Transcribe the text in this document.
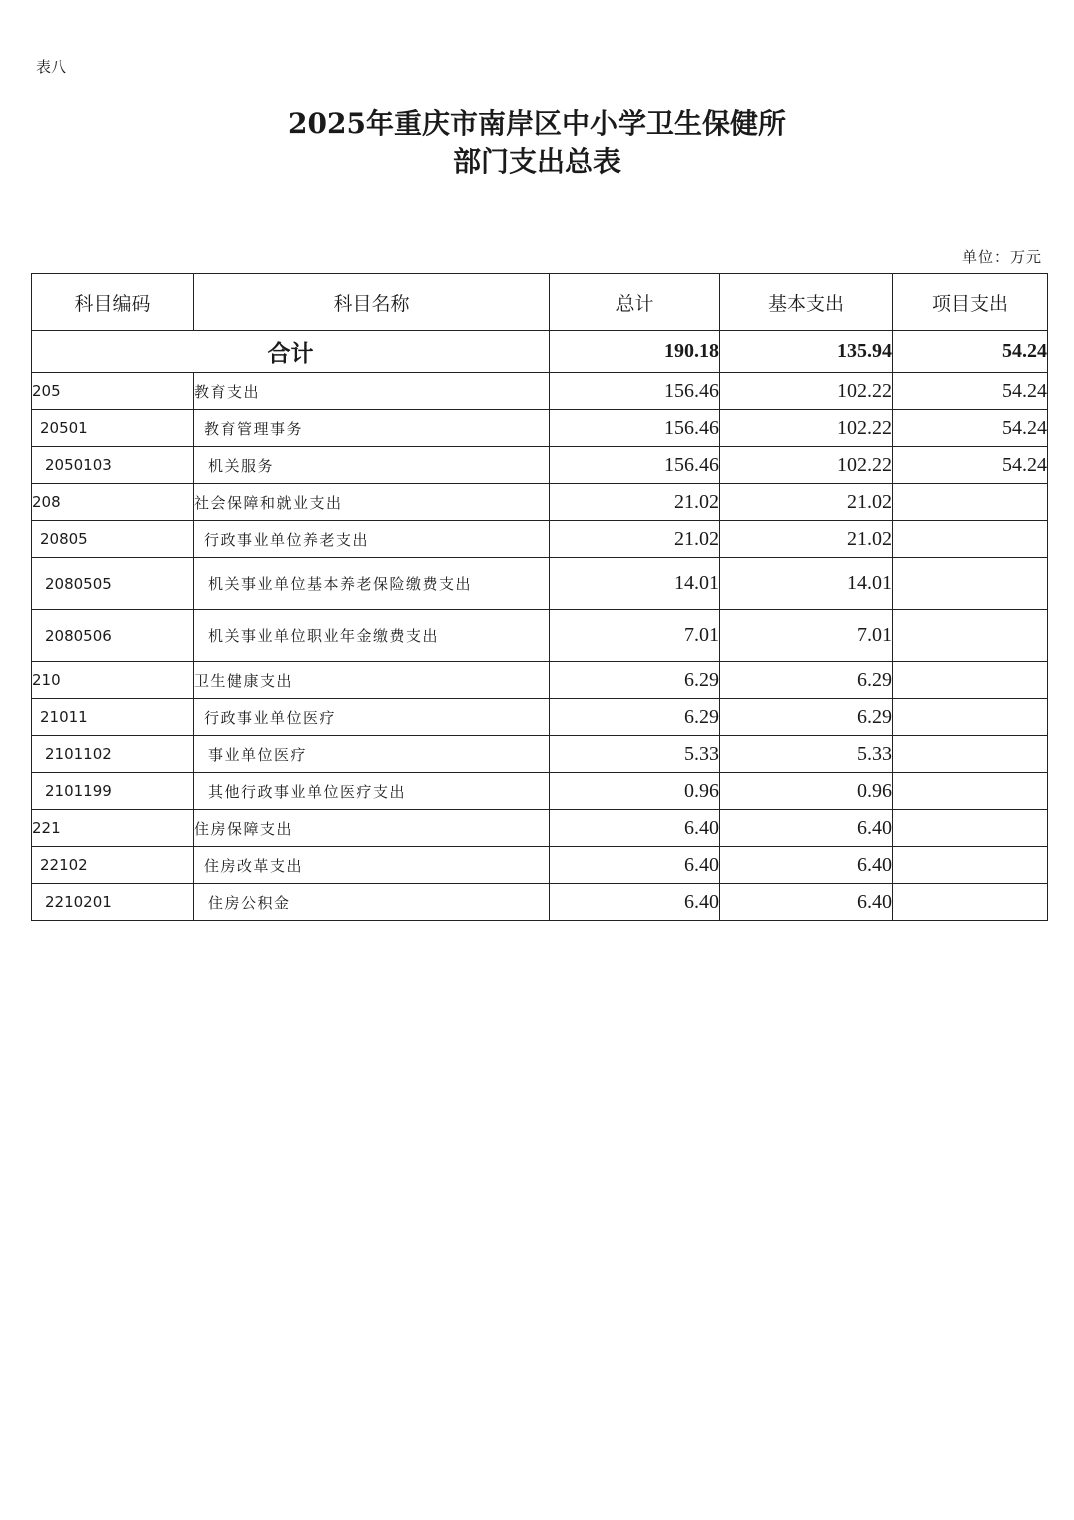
表八
2025年重庆市南岸区中小学卫生保健所
部门支出总表
单位：万元
科目编码	科目名称	总计	基本支出	项目支出
合计		190.18	135.94	54.24
205	教育支出	156.46	102.22	54.24
20501	教育管理事务	156.46	102.22	54.24
2050103	机关服务	156.46	102.22	54.24
208	社会保障和就业支出	21.02	21.02	
20805	行政事业单位养老支出	21.02	21.02	
2080505	机关事业单位基本养老保险缴费支出	14.01	14.01	
2080506	机关事业单位职业年金缴费支出	7.01	7.01	
210	卫生健康支出	6.29	6.29	
21011	行政事业单位医疗	6.29	6.29	
2101102	事业单位医疗	5.33	5.33	
2101199	其他行政事业单位医疗支出	0.96	0.96	
221	住房保障支出	6.40	6.40	
22102	住房改革支出	6.40	6.40	
2210201	住房公积金	6.40	6.40	
